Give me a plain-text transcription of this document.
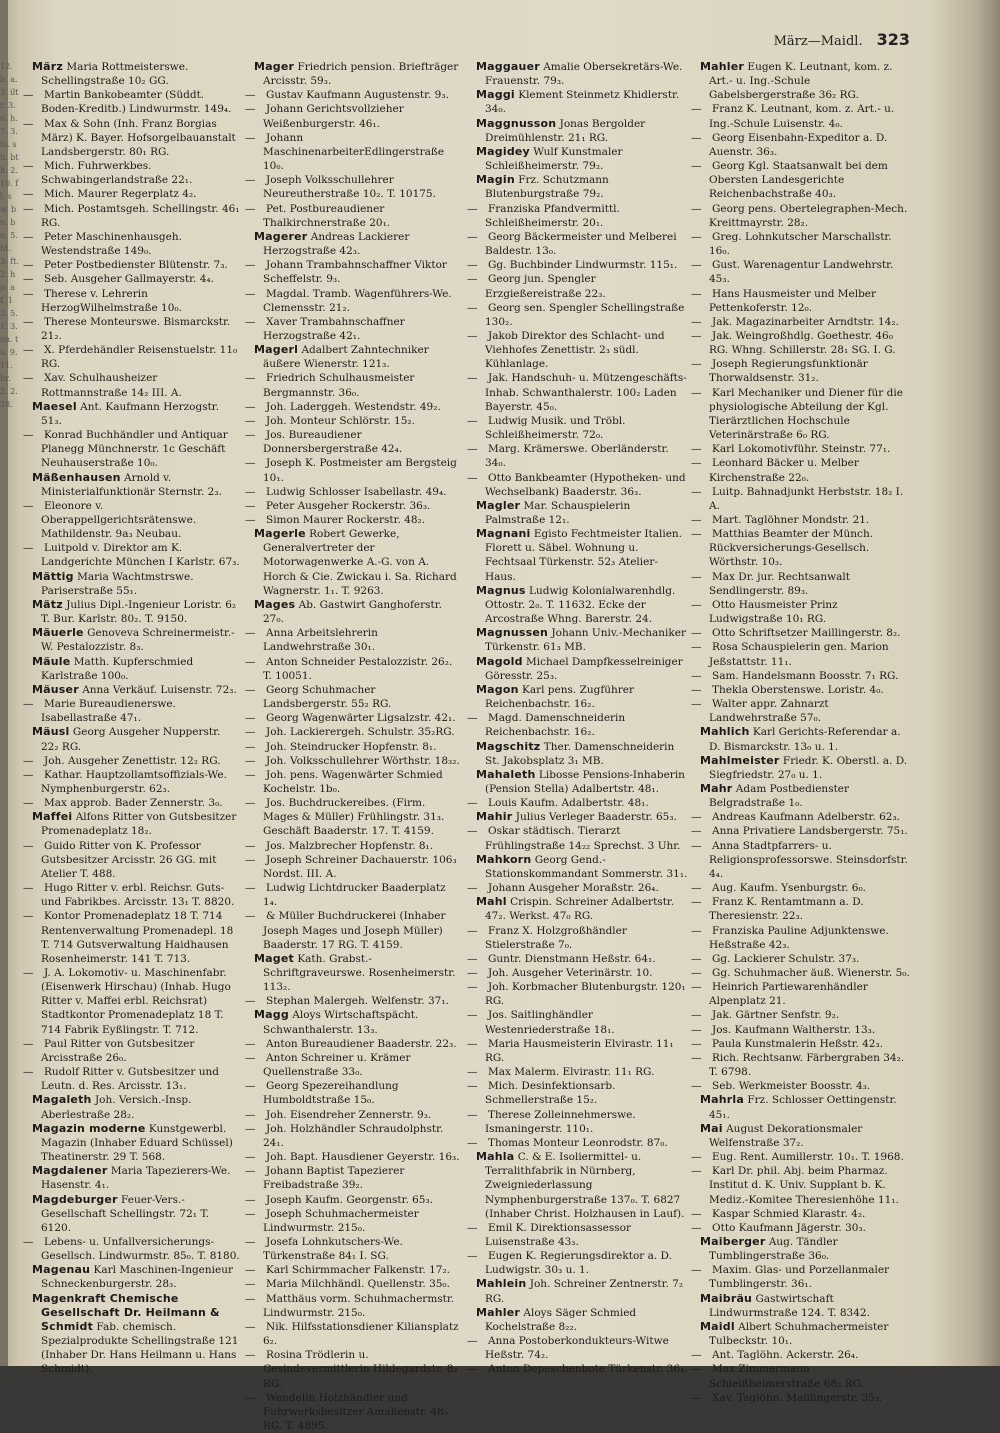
12. b. a. 3. iltr. 3. 6. h. 7. 3. ts. sh. bth. 2. 10. fl. sw. bn. bn. 5. ht. 3. ft. 2. hp. af. 13. 5. 1. 3. on. ta. 9. 11. br. 2. 2. 28.
März—Maidl. 323
März Maria Rottmeisterswe. Schellingstraße 10₂ GG.
— Martin Bankobeamter (Süddt. Boden-Kreditb.) Lindwurmstr. 149₄.
— Max & Sohn (Inh. Franz Borgias März) K. Bayer. Hofsorgelbauanstalt Landsbergerstr. 80₁ RG.
— Mich. Fuhrwerkbes. Schwabingerlandstraße 22₁.
— Mich. Maurer Regerplatz 4₂.
— Mich. Postamtsgeh. Schellingstr. 46₁ RG.
— Peter Maschinenhausgeh. Westendstraße 149₀.
— Peter Postbedienster Blütenstr. 7₃.
— Seb. Ausgeher Gallmayerstr. 4₄.
— Therese v. Lehrerin HerzogWilhelmstraße 10₀.
— Therese Monteurswe. Bismarckstr. 21₂.
— X. Pferdehändler Reisenstuelstr. 11₀ RG.
— Xav. Schulhausheizer Rottmannstraße 14₂ III. A.
Maesel Ant. Kaufmann Herzogstr. 51₃.
— Konrad Buchhändler und Antiquar Planegg Münchnerstr. 1c Geschäft Neuhauserstraße 10₀.
Mäßenhausen Arnold v. Ministerialfunktionär Sternstr. 2₃.
— Eleonore v. Oberappellgerichtsrätenswe. Mathildenstr. 9a₃ Neubau.
— Luitpold v. Direktor am K. Landgerichte München I Karlstr. 67₃.
Mättig Maria Wachtmstrswe. Pariserstraße 55₁.
Mätz Julius Dipl.-Ingenieur Loristr. 6₂ T. Bur. Karlstr. 80₂. T. 9150.
Mäuerle Genoveva Schreinermeistr.-W. Pestalozzistr. 8₃.
Mäule Matth. Kupferschmied Karlstraße 100₀.
Mäuser Anna Verkäuf. Luisenstr. 72₃.
— Marie Bureaudienerswe. Isabellastraße 47₁.
Mäusl Georg Ausgeher Nupperstr. 22₂ RG.
— Joh. Ausgeher Zenettistr. 12₂ RG.
— Kathar. Hauptzollamtsoffizials-We. Nymphenburgerstr. 62₃.
— Max approb. Bader Zennerstr. 3₀.
Maffei Alfons Ritter von Gutsbesitzer Promenadeplatz 18₂.
— Guido Ritter von K. Professor Gutsbesitzer Arcisstr. 26 GG. mit Atelier T. 488.
— Hugo Ritter v. erbl. Reichsr. Guts- und Fabrikbes. Arcisstr. 13₁ T. 8820.
— Kontor Promenadeplatz 18 T. 714 Rentenverwaltung Promenadepl. 18 T. 714 Gutsverwaltung Haidhausen Rosenheimerstr. 141 T. 713.
— J. A. Lokomotiv- u. Maschinenfabr. (Eisenwerk Hirschau) (Inhab. Hugo Ritter v. Maffei erbl. Reichsrat) Stadtkontor Promenadeplatz 18 T. 714 Fabrik Eyßlingstr. T. 712.
— Paul Ritter von Gutsbesitzer Arcisstraße 26₀.
— Rudolf Ritter v. Gutsbesitzer und Leutn. d. Res. Arcisstr. 13₁.
Magaleth Joh. Versich.-Insp. Aberlestraße 28₂.
Magazin moderne Kunstgewerbl. Magazin (Inhaber Eduard Schüssel) Theatinerstr. 29 T. 568.
Magdalener Maria Tapezierers-We. Hasenstr. 4₁.
Magdeburger Feuer-Vers.-Gesellschaft Schellingstr. 72₁ T. 6120.
— Lebens- u. Unfallversicherungs-Gesellsch. Lindwurmstr. 85₀. T. 8180.
Magenau Karl Maschinen-Ingenieur Schneckenburgerstr. 28₃.
Magenkraft Chemische Gesellschaft Dr. Heilmann & Schmidt Fab. chemisch. Spezialprodukte Schellingstraße 121 (Inhaber Dr. Hans Heilmann u. Hans Schmidt).
Mager Friedrich pension. Briefträger Arcisstr. 59₃.
— Gustav Kaufmann Augustenstr. 9₃.
— Johann Gerichtsvollzieher Weißenburgerstr. 46₁.
— Johann MaschinenarbeiterEdlingerstraße 10₀.
— Joseph Volksschullehrer Neureutherstraße 10₂. T. 10175.
— Pet. Postbureaudiener Thalkirchnerstraße 20₁.
Magerer Andreas Lackierer Herzogstraße 42₃.
— Johann Trambahnschaffner Viktor Scheffelstr. 9₃.
— Magdal. Tramb. Wagenführers-We. Clemensstr. 21₂.
— Xaver Trambahnschaffner Herzogstraße 42₁.
Magerl Adalbert Zahntechniker äußere Wienerstr. 121₃.
— Friedrich Schulhausmeister Bergmannstr. 36₀.
— Joh. Laderggeh. Westendstr. 49₂.
— Joh. Monteur Schlörstr. 15₂.
— Jos. Bureaudiener Donnersbergerstraße 42₄.
— Joseph K. Postmeister am Bergsteig 10₁.
— Ludwig Schlosser Isabellastr. 49₄.
— Peter Ausgeher Rockerstr. 36₃.
— Simon Maurer Rockerstr. 48₂.
Magerle Robert Gewerke, Generalvertreter der Motorwagenwerke A.-G. von A. Horch & Cie. Zwickau i. Sa. Richard Wagnerstr. 1₁. T. 9263.
Mages Ab. Gastwirt Ganghoferstr. 27₀.
— Anna Arbeitslehrerin Landwehrstraße 30₁.
— Anton Schneider Pestalozzistr. 26₂. T. 10051.
— Georg Schuhmacher Landsbergerstr. 55₂ RG.
— Georg Wagenwärter Ligsalzstr. 42₁.
— Joh. Lackierergeh. Schulstr. 35₂RG.
— Joh. Steindrucker Hopfenstr. 8₁.
— Joh. Volksschullehrer Wörthstr. 18₃₂.
— Joh. pens. Wagenwärter Schmied Kochelstr. 1b₀.
— Jos. Buchdruckereibes. (Firm. Mages & Müller) Frühlingstr. 31₃. Geschäft Baaderstr. 17. T. 4159.
— Jos. Malzbrecher Hopfenstr. 8₁.
— Joseph Schreiner Dachauerstr. 106₃ Nordst. III. A.
— Ludwig Lichtdrucker Baaderplatz 1₄.
— & Müller Buchdruckerei (Inhaber Joseph Mages und Joseph Müller) Baaderstr. 17 RG. T. 4159.
Maget Kath. Grabst.-Schriftgraveurswe. Rosenheimerstr. 113₂.
— Stephan Malergeh. Welfenstr. 37₁.
Magg Aloys Wirtschaftspächt. Schwanthalerstr. 13₃.
— Anton Bureaudiener Baaderstr. 22₃.
— Anton Schreiner u. Krämer Quellenstraße 33₀.
— Georg Spezereihandlung Humboldtstraße 15₀.
— Joh. Eisendreher Zennerstr. 9₃.
— Joh. Holzhändler Schraudolphstr. 24₁.
— Joh. Bapt. Hausdiener Geyerstr. 16₃.
— Johann Baptist Tapezierer Freibadstraße 39₂.
— Joseph Kaufm. Georgenstr. 65₃.
— Joseph Schuhmachermeister Lindwurmstr. 215₀.
— Josefa Lohnkutschers-We. Türkenstraße 84₁ I. SG.
— Karl Schirmmacher Falkenstr. 17₂.
— Maria Milchhändl. Quellenstr. 35₀.
— Matthäus vorm. Schuhmachermstr. Lindwurmstr. 215₀.
— Nik. Hilfsstationsdiener Kiliansplatz 6₂.
— Rosina Trödlerin u. Gesindevermittlerin Hildegardstr. 8₂ RG.
— Wendelin Holzhändler und Fuhrwerksbesitzer Amalienstr. 48₀ RG. T. 4895.
Maggauer Amalie Obersekretärs-We. Frauenstr. 79₃.
Maggi Klement Steinmetz Khidlerstr. 34₀.
Maggnusson Jonas Bergolder Dreimühlenstr. 21₁ RG.
Magidey Wulf Kunstmaler Schleißheimerstr. 79₂.
Magin Frz. Schutzmann Blutenburgstraße 79₂.
— Franziska Pfandvermittl. Schleißheimerstr. 20₁.
— Georg Bäckermeister und Melberei Baldestr. 13₀.
— Gg. Buchbinder Lindwurmstr. 115₁.
— Georg jun. Spengler Erzgießereistraße 22₃.
— Georg sen. Spengler Schellingstraße 130₂.
— Jakob Direktor des Schlacht- und Viehhofes Zenettistr. 2₃ südl. Kühlanlage.
— Jak. Handschuh- u. Mützengeschäfts-Inhab. Schwanthalerstr. 100₂ Laden Bayerstr. 45₀.
— Ludwig Musik. und Tröbl. Schleißheimerstr. 72₀.
— Marg. Krämerswe. Oberländerstr. 34₀.
— Otto Bankbeamter (Hypotheken- und Wechselbank) Baaderstr. 36₃.
Magler Mar. Schauspielerin Palmstraße 12₁.
Magnani Egisto Fechtmeister Italien. Florett u. Säbel. Wohnung u. Fechtsaal Türkenstr. 52₃ Atelier-Haus.
Magnus Ludwig Kolonialwarenhdlg. Ottostr. 2₀. T. 11632. Ecke der Arcostraße Whng. Barerstr. 24.
Magnussen Johann Univ.-Mechaniker Türkenstr. 61₃ MB.
Magold Michael Dampfkesselreiniger Göresstr. 25₃.
Magon Karl pens. Zugführer Reichenbachstr. 16₂.
— Magd. Damenschneiderin Reichenbachstr. 16₂.
Magschitz Ther. Damenschneiderin St. Jakobsplatz 3₁ MB.
Mahaleth Libosse Pensions-Inhaberin (Pension Stella) Adalbertstr. 48₁.
— Louis Kaufm. Adalbertstr. 48₁.
Mahir Julius Verleger Baaderstr. 65₃.
— Oskar städtisch. Tierarzt Frühlingstraße 14₂₂ Sprechst. 3 Uhr.
Mahkorn Georg Gend.-Stationskommandant Sommerstr. 31₁.
— Johann Ausgeher Moraßstr. 26₄.
Mahl Crispin. Schreiner Adalbertstr. 47₂. Werkst. 47₀ RG.
— Franz X. Holzgroßhändler Stielerstraße 7₀.
— Guntr. Dienstmann Heßstr. 64₁.
— Joh. Ausgeher Veterinärstr. 10.
— Joh. Korbmacher Blutenburgstr. 120₁ RG.
— Jos. Saitlinghändler Westenriederstraße 18₁.
— Maria Hausmeisterin Elvirastr. 11₁ RG.
— Max Malerm. Elvirastr. 11₁ RG.
— Mich. Desinfektionsarb. Schmellerstraße 15₂.
— Therese Zolleinnehmerswe. Ismaningerstr. 110₁.
— Thomas Monteur Leonrodstr. 87₀.
Mahla C. & E. Isoliermittel- u. Terralithfabrik in Nürnberg, Zweigniederlassung Nymphenburgerstraße 137₀. T. 6827 (Inhaber Christ. Holzhausen in Lauf).
— Emil K. Direktionsassessor Luisenstraße 43₃.
— Eugen K. Regierungsdirektor a. D. Ludwigstr. 30₃ u. 1.
Mahlein Joh. Schreiner Zentnerstr. 7₂ RG.
Mahler Aloys Säger Schmied Kochelstraße 8₂₂.
— Anna Postoberkondukteurs-Witwe Heßstr. 74₂.
— Anton Depeschenbote Türkenstr. 36₄.
Mahler Eugen K. Leutnant, kom. z. Art.- u. Ing.-Schule Gabelsbergerstraße 36₂ RG.
— Franz K. Leutnant, kom. z. Art.- u. Ing.-Schule Luisenstr. 4₀.
— Georg Eisenbahn-Expeditor a. D. Auenstr. 36₃.
— Georg Kgl. Staatsanwalt bei dem Obersten Landesgerichte Reichenbachstraße 40₃.
— Georg pens. Obertelegraphen-Mech. Kreittmayrstr. 28₂.
— Greg. Lohnkutscher Marschallstr. 16₀.
— Gust. Warenagentur Landwehrstr. 45₃.
— Hans Hausmeister und Melber Pettenkoferstr. 12₀.
— Jak. Magazinarbeiter Arndtstr. 14₂.
— Jak. Weingroßhdlg. Goethestr. 46₀ RG. Whng. Schillerstr. 28₁ SG. I. G.
— Joseph Regierungsfunktionär Thorwaldsenstr. 31₂.
— Karl Mechaniker und Diener für die physiologische Abteilung der Kgl. Tierärztlichen Hochschule Veterinärstraße 6₀ RG.
— Karl Lokomotivführ. Steinstr. 77₁.
— Leonhard Bäcker u. Melber Kirchenstraße 22₀.
— Luitp. Bahnadjunkt Herbststr. 18₂ I. A.
— Mart. Taglöhner Mondstr. 21.
— Matthias Beamter der Münch. Rückversicherungs-Gesellsch. Wörthstr. 10₃.
— Max Dr. jur. Rechtsanwalt Sendlingerstr. 89₃.
— Otto Hausmeister Prinz Ludwigstraße 10₁ RG.
— Otto Schriftsetzer Maillingerstr. 8₂.
— Rosa Schauspielerin gen. Marion Jeßstattstr. 11₁.
— Sam. Handelsmann Boosstr. 7₁ RG.
— Thekla Oberstenswe. Loristr. 4₀.
— Walter appr. Zahnarzt Landwehrstraße 57₀.
Mahlich Karl Gerichts-Referendar a. D. Bismarckstr. 13₀ u. 1.
Mahlmeister Friedr. K. Oberstl. a. D. Siegfriedstr. 27₀ u. 1.
Mahr Adam Postbedienster Belgradstraße 1₀.
— Andreas Kaufmann Adelberstr. 62₃.
— Anna Privatiere Landsbergerstr. 75₁.
— Anna Stadtpfarrers- u. Religionsprofessorswe. Steinsdorfstr. 4₄.
— Aug. Kaufm. Ysenburgstr. 6₀.
— Franz K. Rentamtmann a. D. Theresienstr. 22₃.
— Franziska Pauline Adjunktenswe. Heßstraße 42₃.
— Gg. Lackierer Schulstr. 37₃.
— Gg. Schuhmacher äuß. Wienerstr. 5₀.
— Heinrich Partiewarenhändler Alpenplatz 21.
— Jak. Gärtner Senfstr. 9₂.
— Jos. Kaufmann Waltherstr. 13₃.
— Paula Kunstmalerin Heßstr. 42₃.
— Rich. Rechtsanw. Färbergraben 34₂. T. 6798.
— Seb. Werkmeister Boosstr. 4₃.
Mahrla Frz. Schlosser Oettingenstr. 45₁.
Mai August Dekorationsmaler Welfenstraße 37₂.
— Eug. Rent. Aumillerstr. 10₁. T. 1968.
— Karl Dr. phil. Abj. beim Pharmaz. Institut d. K. Univ. Supplant b. K. Mediz.-Komitee Theresienhöhe 11₁.
— Kaspar Schmied Klarastr. 4₂.
— Otto Kaufmann Jägerstr. 30₃.
Maiberger Aug. Tändler Tumblingerstraße 36₀.
— Maxim. Glas- und Porzellanmaler Tumblingerstr. 36₁.
Maibräu Gastwirtschaft Lindwurmstraße 124. T. 8342.
Maidl Albert Schuhmachermeister Tulbeckstr. 10₁.
— Ant. Taglöhn. Ackerstr. 26₄.
— Max Zimmermann Schleißheimerstraße 68₃ RG.
— Xav. Taglöhn. Maillingerstr. 35₃.
